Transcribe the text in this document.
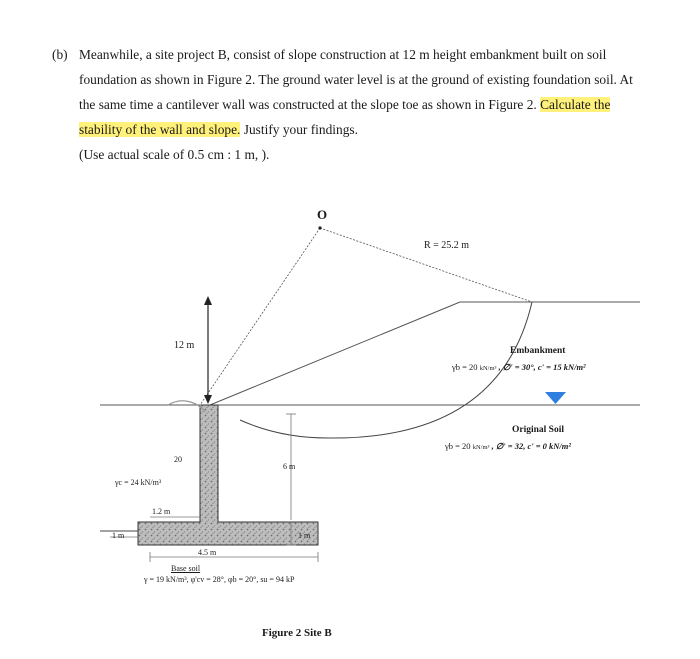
(b) Meanwhile, a site project B, consist of slope construction at 12 m height embankment built on soil
foundation as shown in Figure 2. The ground water level is at the ground of existing foundation soil. At
the same time a cantilever wall was constructed at the slope toe as shown in Figure 2. Calculate the
stability of the wall and slope. Justify your findings.
(Use actual scale of 0.5 cm : 1 m, ).
O
R = 25.2 m
12 m
6 m
1 m
1 m
1.2 m
4.5 m
20
γc = 24 kN/m³
Base soil
γ = 19 kN/m³, φ'cv = 28°, φb = 20°, su = 94 kP
Embankment
γb = 20 kN/m³ , ∅' = 30°, c' = 15 kN/m²
Original Soil
γb = 20 kN/m³ , ∅' = 32, c' = 0 kN/m²
Figure 2 Site B
